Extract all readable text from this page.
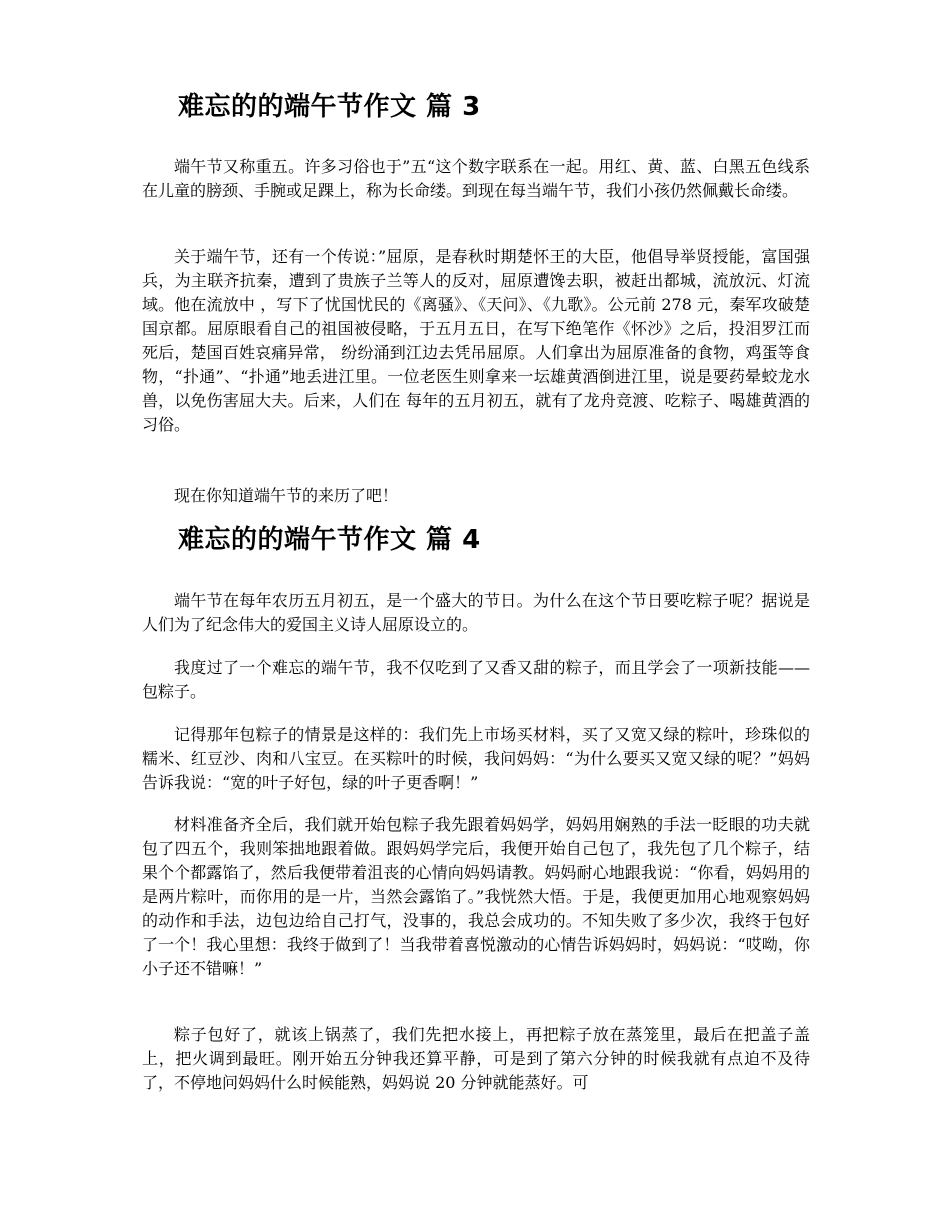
难忘的的端午节作文 篇 3

端午节又称重五。许多习俗也于”五“这个数字联系在一起。用红、黄、蓝、白黑五色线系在儿童的膀颈、手腕或足踝上，称为长命缕。到现在每当端午节，我们小孩仍然佩戴长命缕。

关于端午节，还有一个传说：”屈原，是春秋时期楚怀王的大臣，他倡导举贤授能，富国强兵，为主联齐抗秦，遭到了贵族子兰等人的反对，屈原遭馋去职，被赶出都城，流放沅、灯流域。他在流放中 ，写下了忧国忧民的《离骚》、《天问》、《九歌》。公元前 278 元，秦军攻破楚国京都。屈原眼看自己的祖国被侵略，于五月五日，在写下绝笔作《怀沙》之后，投泪罗江而死后，楚国百姓哀痛异常， 纷纷涌到江边去凭吊屈原。人们拿出为屈原准备的食物，鸡蛋等食物，“扑通”、“扑通”地丢进江里。一位老医生则拿来一坛雄黄酒倒进江里，说是要药晕蛟龙水兽，以免伤害屈大夫。后来，人们在 每年的五月初五，就有了龙舟竞渡、吃粽子、喝雄黄酒的习俗。

现在你知道端午节的来历了吧！

难忘的的端午节作文 篇 4

端午节在每年农历五月初五，是一个盛大的节日。为什么在这个节日要吃粽子呢？据说是人们为了纪念伟大的爱国主义诗人屈原设立的。

我度过了一个难忘的端午节，我不仅吃到了又香又甜的粽子，而且学会了一项新技能——包粽子。

记得那年包粽子的情景是这样的：我们先上市场买材料，买了又宽又绿的粽叶，珍珠似的糯米、红豆沙、肉和八宝豆。在买粽叶的时候，我问妈妈：“为什么要买又宽又绿的呢？”妈妈告诉我说：“宽的叶子好包，绿的叶子更香啊！”

材料准备齐全后，我们就开始包粽子我先跟着妈妈学，妈妈用娴熟的手法一眨眼的功夫就包了四五个，我则笨拙地跟着做。跟妈妈学完后，我便开始自己包了，我先包了几个粽子，结果个个都露馅了，然后我便带着沮丧的心情向妈妈请教。妈妈耐心地跟我说：“你看，妈妈用的是两片粽叶，而你用的是一片，当然会露馅了。”我恍然大悟。于是，我便更加用心地观察妈妈的动作和手法，边包边给自己打气，没事的，我总会成功的。不知失败了多少次，我终于包好了一个！我心里想：我终于做到了！当我带着喜悦激动的心情告诉妈妈时，妈妈说：“哎呦，你小子还不错嘛！”

粽子包好了，就该上锅蒸了，我们先把水接上，再把粽子放在蒸笼里，最后在把盖子盖上，把火调到最旺。刚开始五分钟我还算平静，可是到了第六分钟的时候我就有点迫不及待了，不停地问妈妈什么时候能熟，妈妈说 20 分钟就能蒸好。可
